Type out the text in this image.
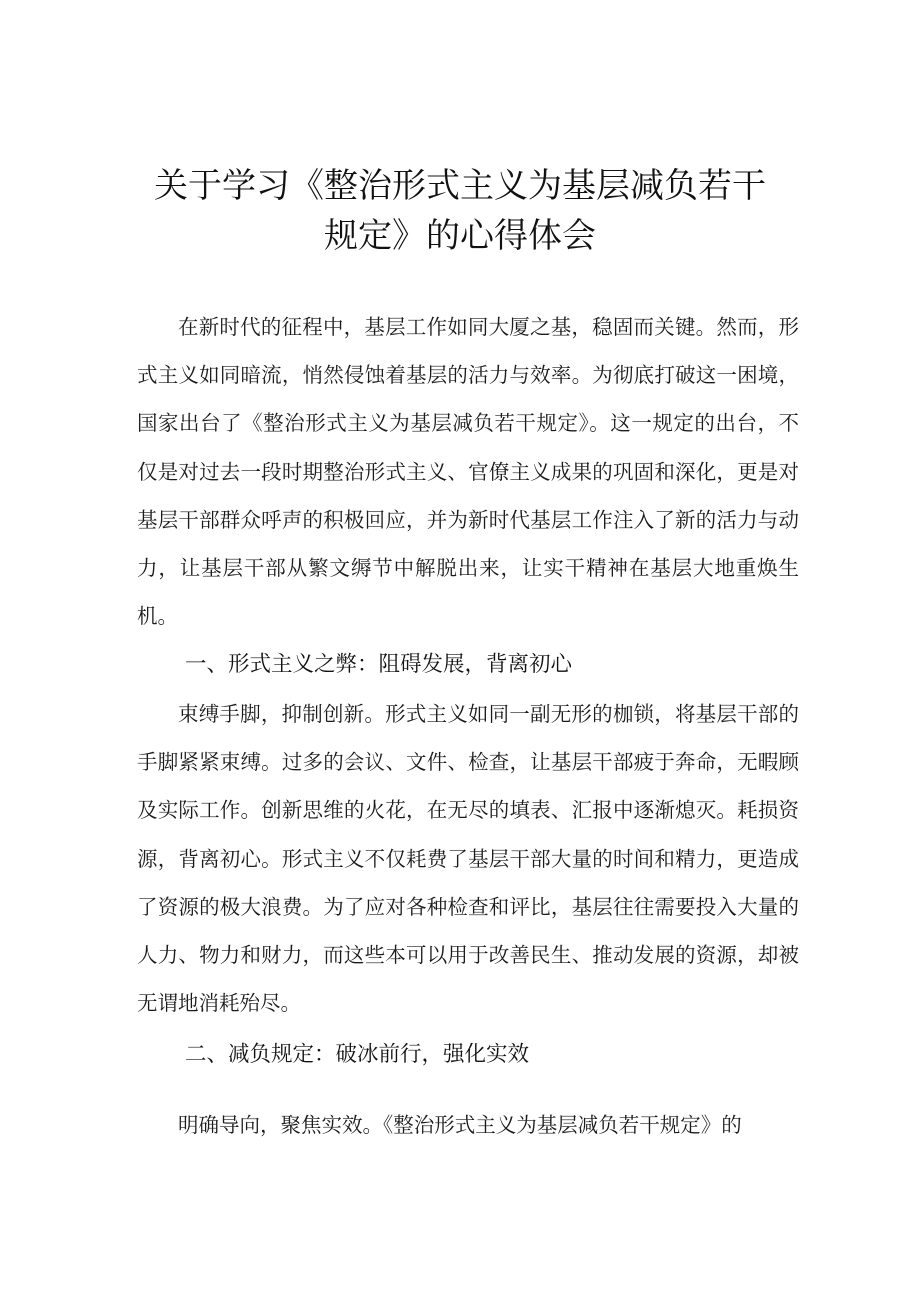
关于学习《整治形式主义为基层减负若干
规定》的心得体会

在新时代的征程中，基层工作如同大厦之基，稳固而关键。然而，形式主义如同暗流，悄然侵蚀着基层的活力与效率。为彻底打破这一困境，国家出台了《整治形式主义为基层减负若干规定》。这一规定的出台，不仅是对过去一段时期整治形式主义、官僚主义成果的巩固和深化，更是对基层干部群众呼声的积极回应，并为新时代基层工作注入了新的活力与动力，让基层干部从繁文缛节中解脱出来，让实干精神在基层大地重焕生机。

一、形式主义之弊：阻碍发展，背离初心

束缚手脚，抑制创新。形式主义如同一副无形的枷锁，将基层干部的手脚紧紧束缚。过多的会议、文件、检查，让基层干部疲于奔命，无暇顾及实际工作。创新思维的火花，在无尽的填表、汇报中逐渐熄灭。耗损资源，背离初心。形式主义不仅耗费了基层干部大量的时间和精力，更造成了资源的极大浪费。为了应对各种检查和评比，基层往往需要投入大量的人力、物力和财力，而这些本可以用于改善民生、推动发展的资源，却被无谓地消耗殆尽。

二、减负规定：破冰前行，强化实效

明确导向，聚焦实效。《整治形式主义为基层减负若干规定》的
